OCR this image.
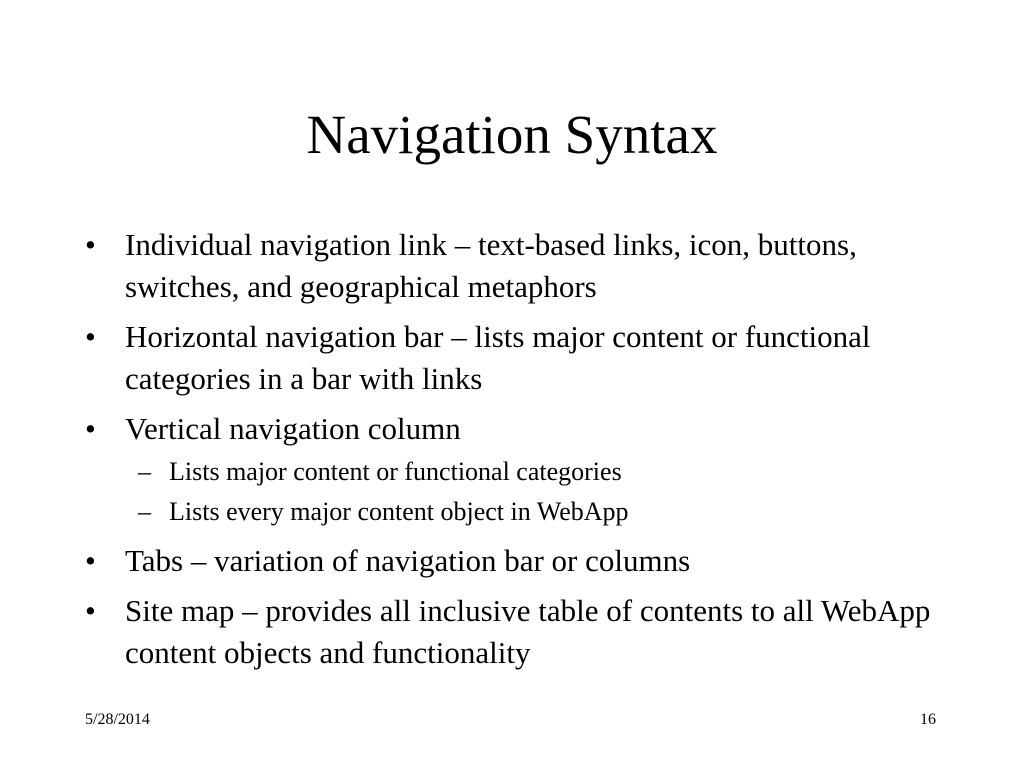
Navigation Syntax
• Individual navigation link – text-based links, icon, buttons, switches, and geographical metaphors
• Horizontal navigation bar – lists major content or functional categories in a bar with links
• Vertical navigation column
– Lists major content or functional categories
– Lists every major content object in WebApp
• Tabs – variation of navigation bar or columns
• Site map – provides all inclusive table of contents to all WebApp content objects and functionality
5/28/2014	16
